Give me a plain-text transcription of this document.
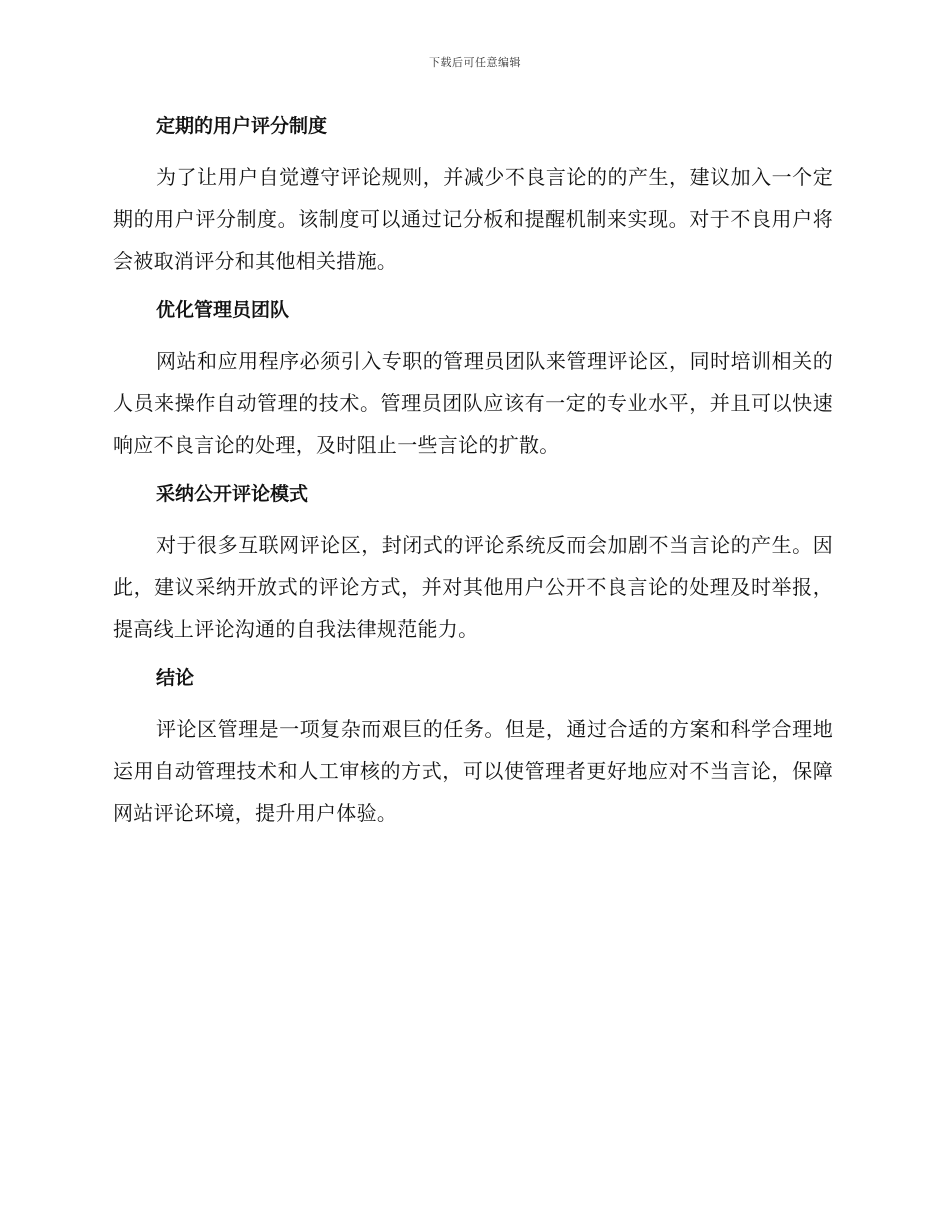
下载后可任意编辑
定期的用户评分制度

为了让用户自觉遵守评论规则，并减少不良言论的的产生，建议加入一个定期的用户评分制度。该制度可以通过记分板和提醒机制来实现。对于不良用户将会被取消评分和其他相关措施。

优化管理员团队

网站和应用程序必须引入专职的管理员团队来管理评论区，同时培训相关的人员来操作自动管理的技术。管理员团队应该有一定的专业水平，并且可以快速响应不良言论的处理，及时阻止一些言论的扩散。

采纳公开评论模式

对于很多互联网评论区，封闭式的评论系统反而会加剧不当言论的产生。因此，建议采纳开放式的评论方式，并对其他用户公开不良言论的处理及时举报，提高线上评论沟通的自我法律规范能力。

结论

评论区管理是一项复杂而艰巨的任务。但是，通过合适的方案和科学合理地运用自动管理技术和人工审核的方式，可以使管理者更好地应对不当言论，保障网站评论环境，提升用户体验。
